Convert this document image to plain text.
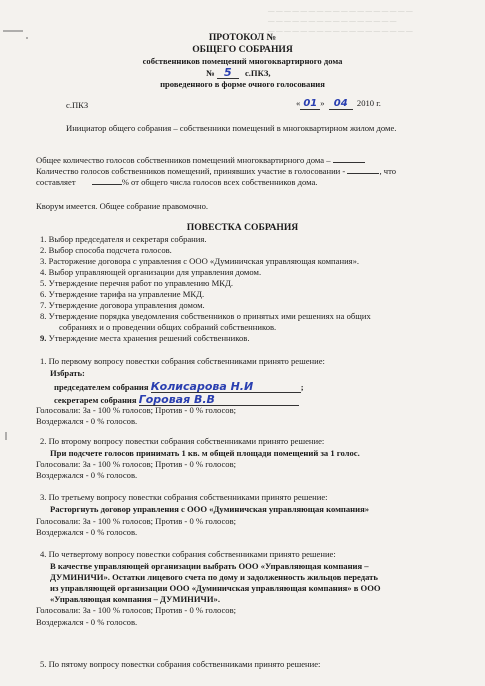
— — — — — — — — — — — — — — — — — —
— — — — — — — — — — — — — — — —
— — — — — — — — — — — — — — — — — —
ПРОТОКОЛ №
ОБЩЕГО СОБРАНИЯ
собственников помещений многоквартирного дома
№ 5 с.ПКЗ,
проведенного в форме очного голосования
с.ПКЗ	« 01 » 04 2010 г.
Инициатор общего собрания – собственники помещений в многоквартирном жилом доме.
Общее количество голосов собственников помещений многоквартирного дома –
Количество голосов собственников помещений, принявших участие в голосовании -	, что
составляет	% от общего числа голосов всех собственников дома.
Кворум имеется. Общее собрание правомочно.
ПОВЕСТКА СОБРАНИЯ
1. Выбор председателя и секретаря собрания.
2. Выбор способа подсчета голосов.
3. Расторжение договора с управления с ООО «Думиничская управляющая компания».
4. Выбор управляющей организации для управления домом.
5. Утверждение перечня работ по управлению МКД.
6. Утверждение тарифа на управление МКД.
7. Утверждение договора управления домом.
8. Утверждение порядка уведомления собственников о принятых ими решениях на общих
собраниях и о проведении общих собраний собственников.
9. Утверждение места хранения решений собственников.
1. По первому вопросу повестки собрания собственниками принято решение:
Избрать:
председателем собрания Колисарова Н.И	;
секретарем собрания Горовая В.В
Голосовали: За - 100 % голосов; Против - 0 % голосов;
Воздержался - 0 % голосов.
2. По второму вопросу повестки собрания собственниками принято решение:
При подсчете голосов принимать 1 кв. м общей площади помещений за 1 голос.
Голосовали: За - 100 % голосов; Против - 0 % голосов;
Воздержался - 0 % голосов.
3. По третьему вопросу повестки собрания собственниками принято решение:
Расторгнуть договор управления с ООО «Думиничская управляющая компания»
Голосовали: За - 100 % голосов; Против - 0 % голосов;
Воздержался - 0 % голосов.
4. По четвертому вопросу повестки собрания собственниками принято решение:
В качестве управляющей организации выбрать ООО «Управляющая компания –
ДУМИНИЧИ». Остатки лицевого счета по дому и задолженность жильцов передать
из управляющей организации ООО «Думиничская управляющая компания» в ООО
«Управляющая компания – ДУМИНИЧИ».
Голосовали: За - 100 % голосов; Против - 0 % голосов;
Воздержался - 0 % голосов.
5. По пятому вопросу повестки собрания собственниками принято решение:
